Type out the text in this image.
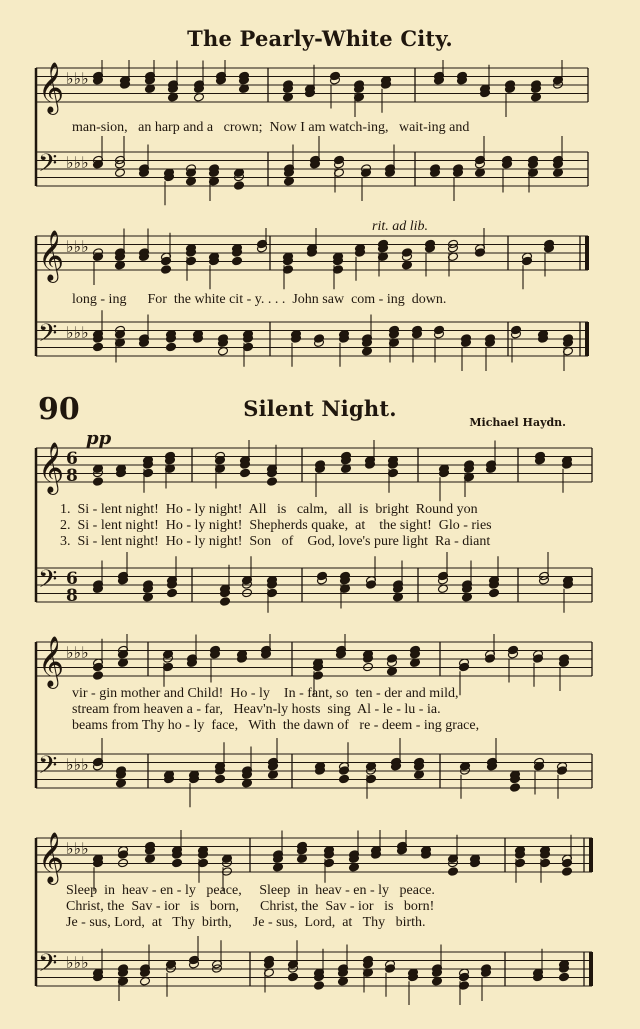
The Pearly-White City.
𝄞 ♭♭♭
𝄢 ♭♭♭
man-sion,   an harp and a   crown;  Now I am watch-ing,   wait-ing and
rit. ad lib.
𝄞 ♭♭♭
𝄢 ♭♭♭
long - ing      For  the white cit - y. . . .  John saw  com - ing  down.
90	Silent Night.
Michael Haydn.
pp
𝄞 6
8
𝄢 6
8
1.  Si - lent night!  Ho - ly night!  All   is   calm,   all  is  bright  Round yon
2.  Si - lent night!  Ho - ly night!  Shepherds quake,  at    the sight!  Glo - ries
3.  Si - lent night!  Ho - ly night!  Son   of    God, love's pure light  Ra - diant
𝄞 ♭♭♭
𝄢 ♭♭♭
vir - gin mother and Child!  Ho - ly    In - fant, so  ten - der and mild,
stream from heaven a - far,   Heav'n-ly hosts  sing  Al - le - lu - ia.
beams from Thy ho - ly  face,   With  the dawn of   re - deem - ing grace,
𝄞 ♭♭♭
𝄢 ♭♭♭
Sleep  in  heav - en - ly   peace,     Sleep  in  heav - en - ly   peace.
Christ, the  Sav - ior   is   born,      Christ, the  Sav - ior   is   born!
Je - sus, Lord,  at   Thy  birth,      Je - sus,  Lord,  at   Thy   birth.
